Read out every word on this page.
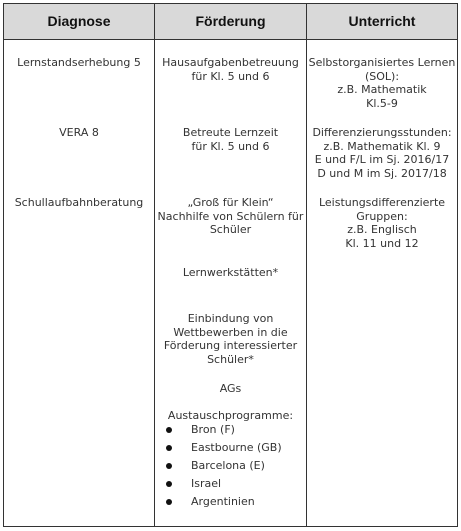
Diagnose	Förderung	Unterricht

Lernstandserhebung 5

VERA 8

Schullaufbahnberatung

Hausaufgabenbetreuung
für Kl. 5 und 6

Betreute Lernzeit
für Kl. 5 und 6

„Groß für Klein“
Nachhilfe von Schülern für
Schüler

Lernwerkstätten*

Einbindung von
Wettbewerben in die
Förderung interessierter
Schüler*

AGs

Austauschprogramme:

Bron (F)
Eastbourne (GB)
Barcelona (E)
Israel
Argentinien

Selbstorganisiertes Lernen
(SOL):
z.B. Mathematik
Kl.5-9

Differenzierungsstunden:
z.B. Mathematik Kl. 9
E und F/L im Sj. 2016/17
D und M im Sj. 2017/18

Leistungsdifferenzierte
Gruppen:
z.B. Englisch
Kl. 11 und 12
